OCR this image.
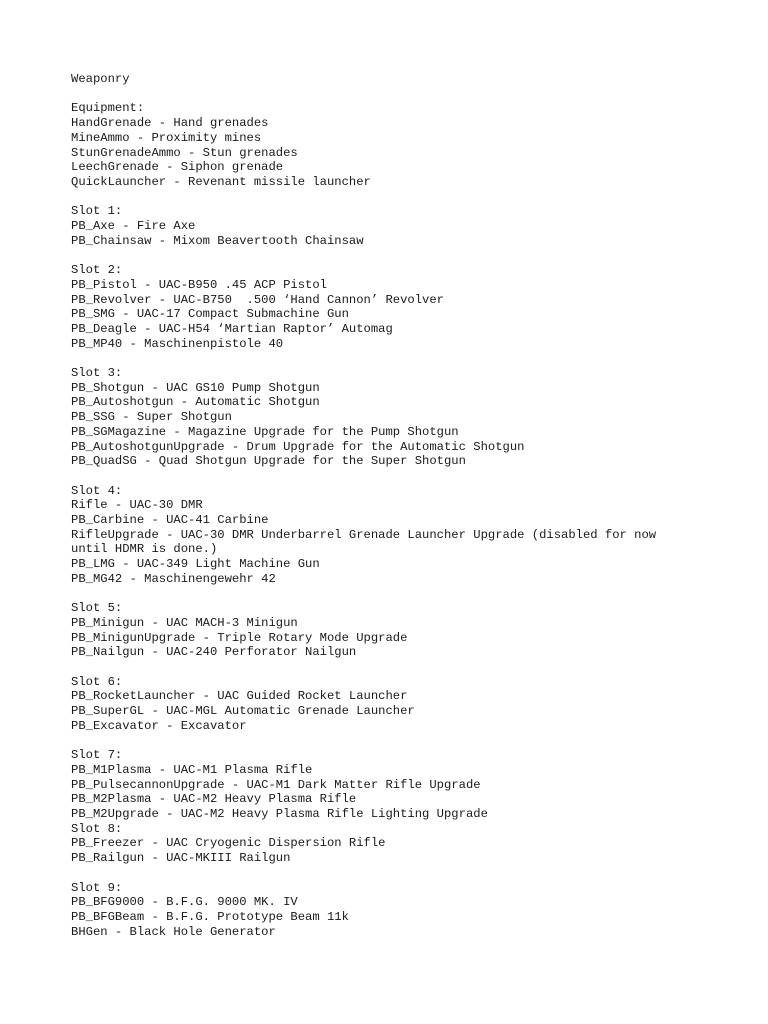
Weaponry
Equipment:
HandGrenade - Hand grenades
MineAmmo - Proximity mines
StunGrenadeAmmo - Stun grenades
LeechGrenade - Siphon grenade
QuickLauncher - Revenant missile launcher
Slot 1:
PB_Axe - Fire Axe
PB_Chainsaw - Mixom Beavertooth Chainsaw
Slot 2:
PB_Pistol - UAC-B950 .45 ACP Pistol
PB_Revolver - UAC-B750  .500 ‘Hand Cannon’ Revolver
PB_SMG - UAC-17 Compact Submachine Gun
PB_Deagle - UAC-H54 ‘Martian Raptor’ Automag
PB_MP40 - Maschinenpistole 40
Slot 3:
PB_Shotgun - UAC GS10 Pump Shotgun
PB_Autoshotgun - Automatic Shotgun
PB_SSG - Super Shotgun
PB_SGMagazine - Magazine Upgrade for the Pump Shotgun
PB_AutoshotgunUpgrade - Drum Upgrade for the Automatic Shotgun
PB_QuadSG - Quad Shotgun Upgrade for the Super Shotgun
Slot 4:
Rifle - UAC-30 DMR
PB_Carbine - UAC-41 Carbine
RifleUpgrade - UAC-30 DMR Underbarrel Grenade Launcher Upgrade (disabled for now
until HDMR is done.)
PB_LMG - UAC-349 Light Machine Gun
PB_MG42 - Maschinengewehr 42
Slot 5:
PB_Minigun - UAC MACH-3 Minigun
PB_MinigunUpgrade - Triple Rotary Mode Upgrade
PB_Nailgun - UAC-240 Perforator Nailgun
Slot 6:
PB_RocketLauncher - UAC Guided Rocket Launcher
PB_SuperGL - UAC-MGL Automatic Grenade Launcher
PB_Excavator - Excavator
Slot 7:
PB_M1Plasma - UAC-M1 Plasma Rifle
PB_PulsecannonUpgrade - UAC-M1 Dark Matter Rifle Upgrade
PB_M2Plasma - UAC-M2 Heavy Plasma Rifle
PB_M2Upgrade - UAC-M2 Heavy Plasma Rifle Lighting Upgrade
Slot 8:
PB_Freezer - UAC Cryogenic Dispersion Rifle
PB_Railgun - UAC-MKIII Railgun
Slot 9:
PB_BFG9000 - B.F.G. 9000 MK. IV
PB_BFGBeam - B.F.G. Prototype Beam 11k
BHGen - Black Hole Generator
